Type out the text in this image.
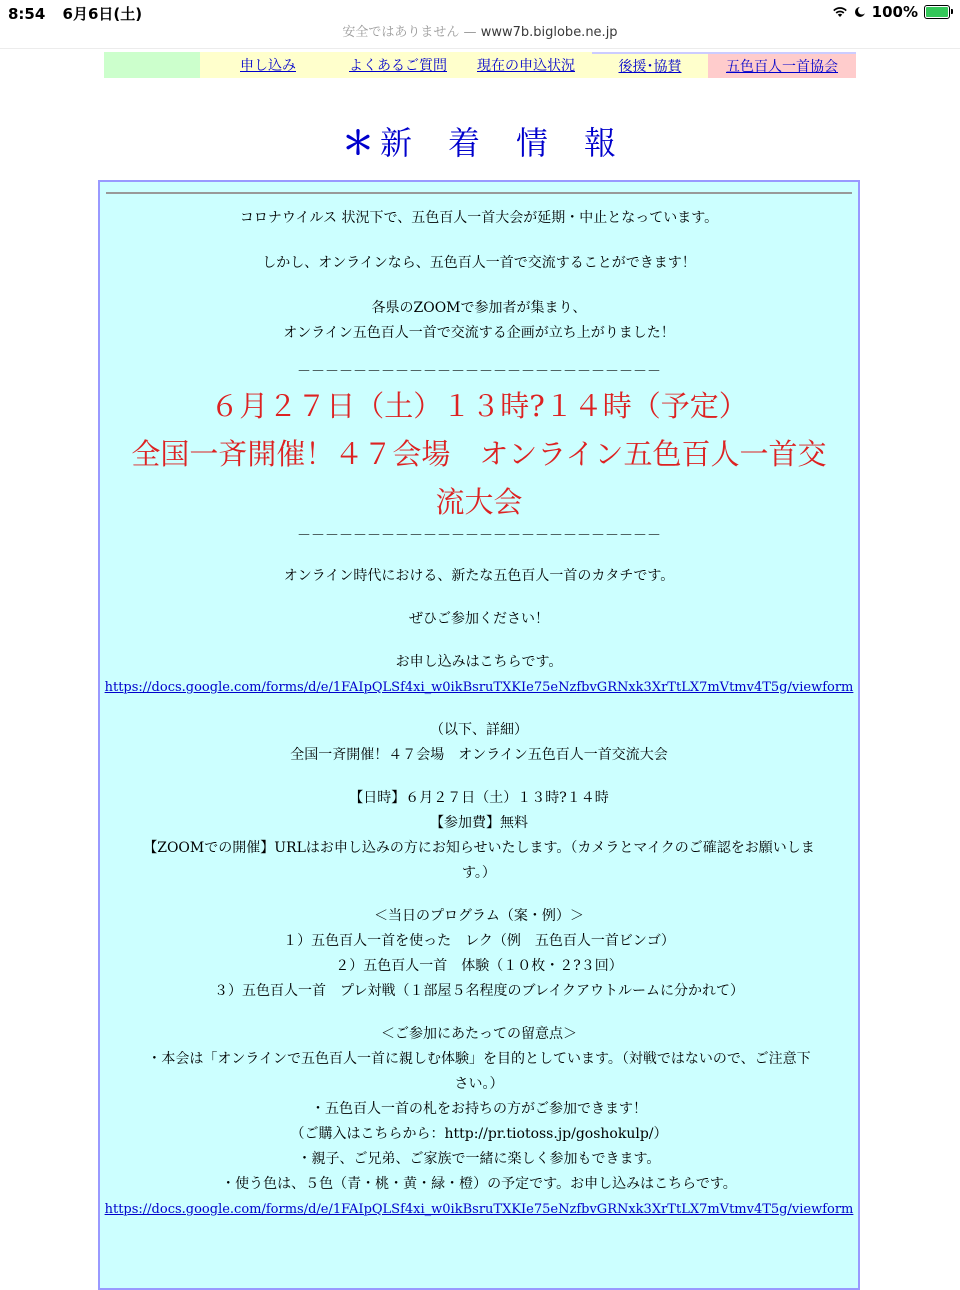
8:54 6月6日(土)	100%
安全ではありません — www7b.biglobe.ne.jp
申し込み	よくあるご質問 現在の申込状況	後援･協賛	五色百人一首協会
＊ 新　着　情　報

コロナウイルス 状況下で、五色百人一首大会が延期・中止となっています。

しかし、オンラインなら、五色百人一首で交流することができます！

各県のZOOMで参加者が集まり、

オンライン五色百人一首で交流する企画が立ち上がりました！

－－－－－－－－－－－－－－－－－－－－－－－－－－

６月２７日（土）１３時?１４時（予定）

全国一斉開催！４７会場　オンライン五色百人一首交

流大会

－－－－－－－－－－－－－－－－－－－－－－－－－－

オンライン時代における、新たな五色百人一首のカタチです。

ぜひご参加ください！

お申し込みはこちらです。

https://docs.google.com/forms/d/e/1FAIpQLSf4xi_w0ikBsruTXKIe75eNzfbvGRNxk3XrTtLX7mVtmv4T5g/viewform

（以下、詳細）

全国一斉開催！４７会場　オンライン五色百人一首交流大会

【日時】６月２７日（土）１３時?１４時

【参加費】無料

【ZOOMでの開催】URLはお申し込みの方にお知らせいたします。（カメラとマイクのご確認をお願いしま

す。）

＜当日のプログラム（案・例）＞

１）五色百人一首を使った　レク（例　五色百人一首ビンゴ）

２）五色百人一首　体験（１０枚・２?３回）

３）五色百人一首　プレ対戦（１部屋５名程度のブレイクアウトルームに分かれて）

＜ご参加にあたっての留意点＞

・本会は「オンラインで五色百人一首に親しむ体験」を目的としています。（対戦ではないので、ご注意下

さい。）

・五色百人一首の札をお持ちの方がご参加できます！

（ご購入はこちらから：http://pr.tiotoss.jp/goshokulp/）

・親子、ご兄弟、ご家族で一緒に楽しく参加もできます。

・使う色は、５色（青・桃・黄・緑・橙）の予定です。お申し込みはこちらです。

https://docs.google.com/forms/d/e/1FAIpQLSf4xi_w0ikBsruTXKIe75eNzfbvGRNxk3XrTtLX7mVtmv4T5g/viewform
